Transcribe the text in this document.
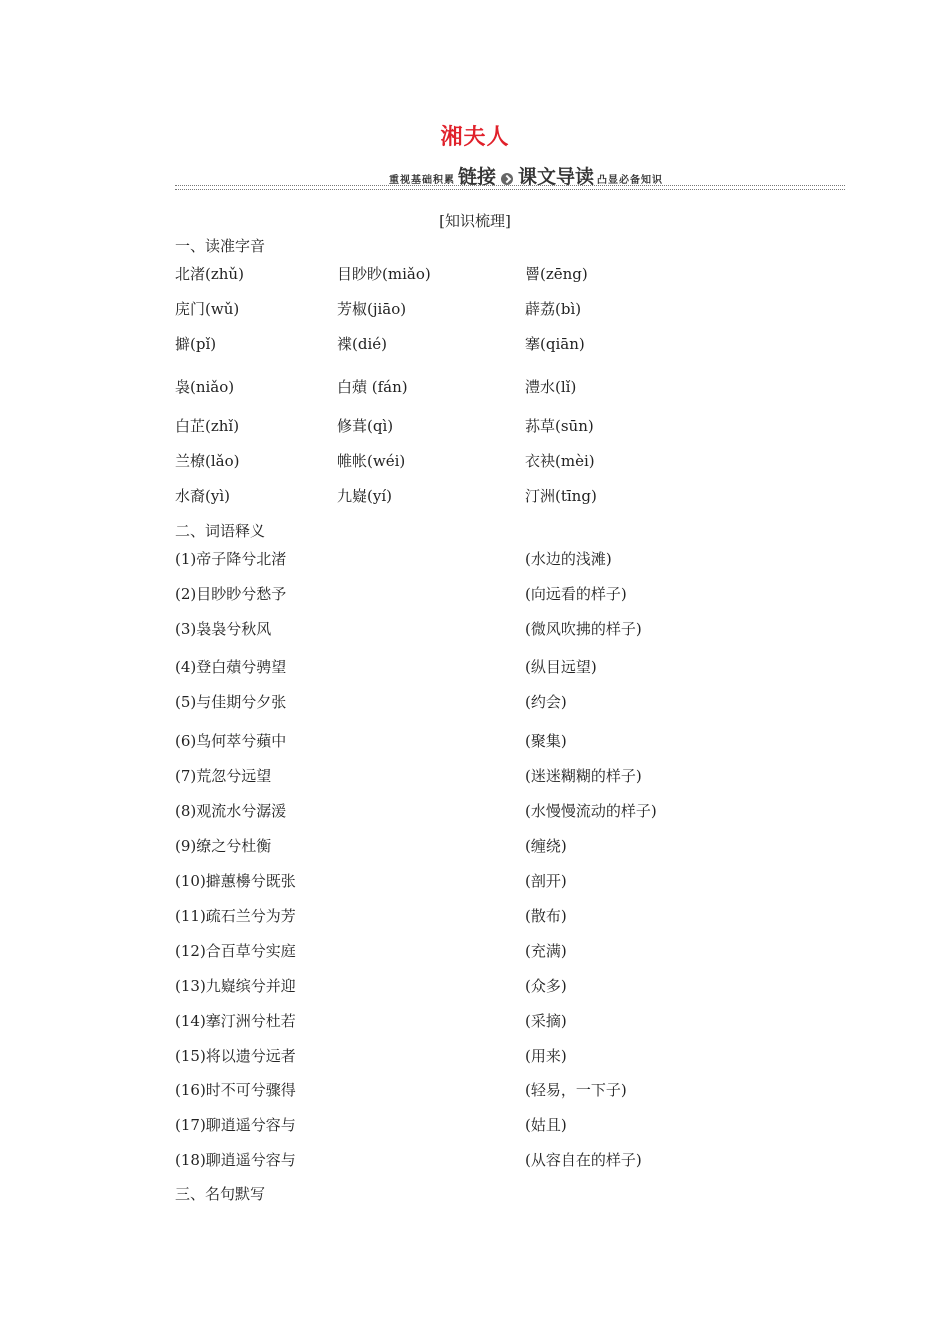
湘夫人
重视基础积累 链接 课文导读 凸显必备知识
[知识梳理]
一、读准字音
北渚(zhǔ)	目眇眇(miǎo)	罾(zēng)
庑门(wǔ)	芳椒(jiāo)	薜荔(bì)
擗(pǐ)	褋(dié)	搴(qiān)
袅(niǎo)	白薠 (fán)	澧水(lǐ)
白芷(zhǐ)	修葺(qì)	荪草(sūn)
兰橑(lǎo)	帷帐(wéi)	衣袂(mèi)
水裔(yì)	九嶷(yí)	汀洲(tīng)
二、词语释义
(1)帝子降兮北渚	(水边的浅滩)
(2)目眇眇兮愁予	(向远看的样子)
(3)袅袅兮秋风	(微风吹拂的样子)
(4)登白薠兮骋望	(纵目远望)
(5)与佳期兮夕张	(约会)
(6)鸟何萃兮蘋中	(聚集)
(7)荒忽兮远望	(迷迷糊糊的样子)
(8)观流水兮潺湲	(水慢慢流动的样子)
(9)缭之兮杜衡	(缠绕)
(10)擗蕙櫋兮既张	(剖开)
(11)疏石兰兮为芳	(散布)
(12)合百草兮实庭	(充满)
(13)九嶷缤兮并迎	(众多)
(14)搴汀洲兮杜若	(采摘)
(15)将以遗兮远者	(用来)
(16)时不可兮骤得	(轻易，一下子)
(17)聊逍遥兮容与	(姑且)
(18)聊逍遥兮容与	(从容自在的样子)
三、名句默写
